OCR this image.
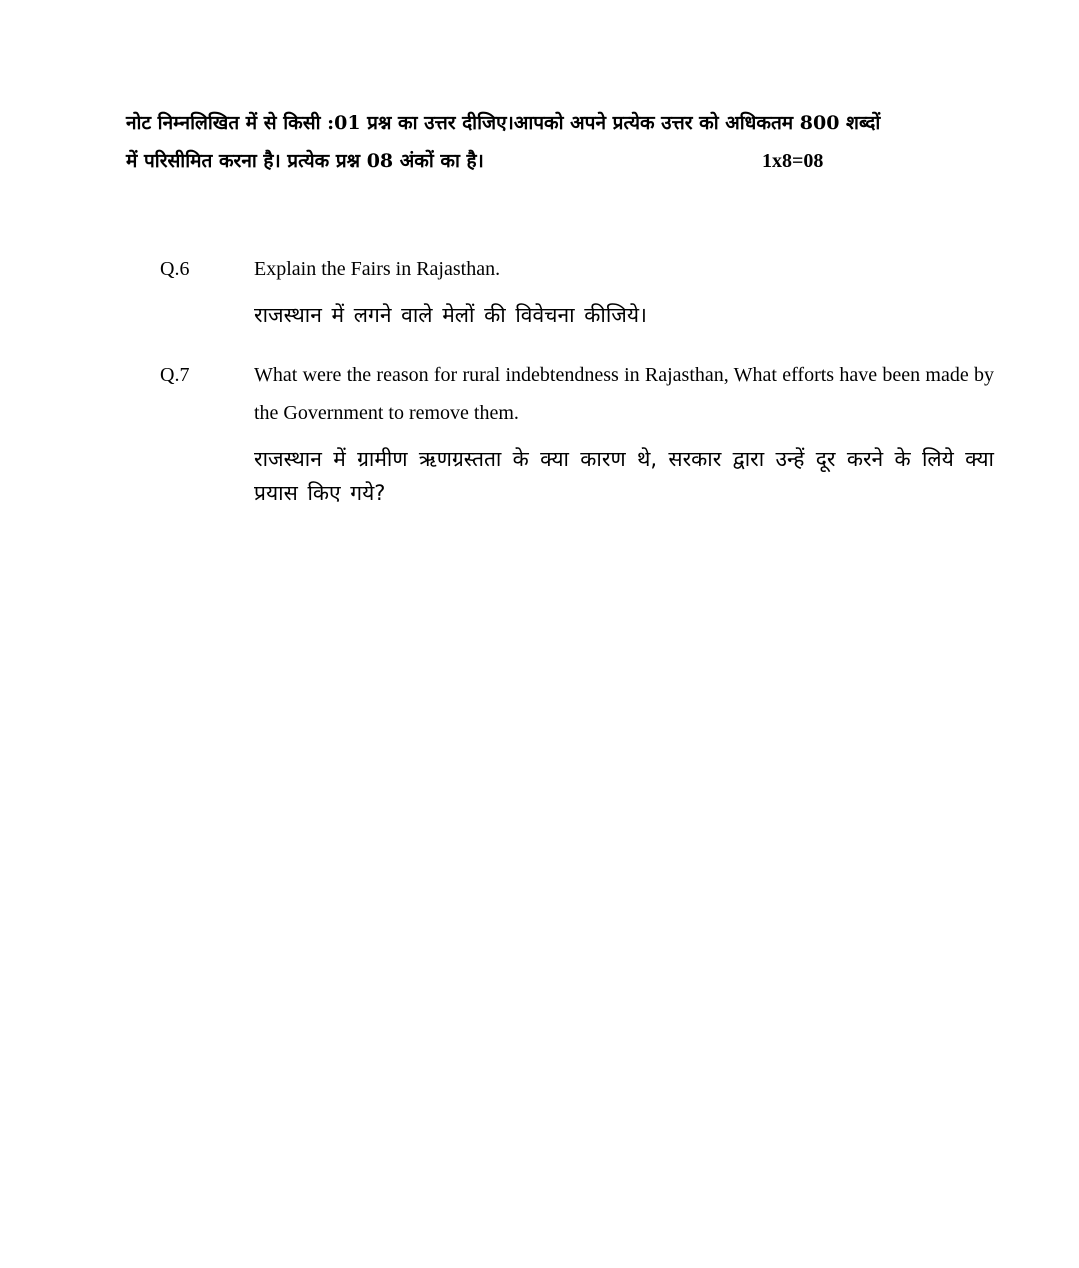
नोट निम्नलिखित में से किसी :01 प्रश्न का उत्तर दीजिए।आपको अपने प्रत्येक उत्तर को अधिकतम 800 शब्दों
में परिसीमित करना है। प्रत्येक प्रश्न 08 अंकों का है।	1x8=08
Q.6	Explain the Fairs in Rajasthan.
राजस्थान में लगने वाले मेलों की विवेचना कीजिये।
Q.7	What were the reason for rural indebtendness in Rajasthan, What efforts have been made by the Government to remove them.
राजस्थान में ग्रामीण ऋणग्रस्तता के क्या कारण थे, सरकार द्वारा उन्हें दूर करने के लिये क्या प्रयास किए गये?
